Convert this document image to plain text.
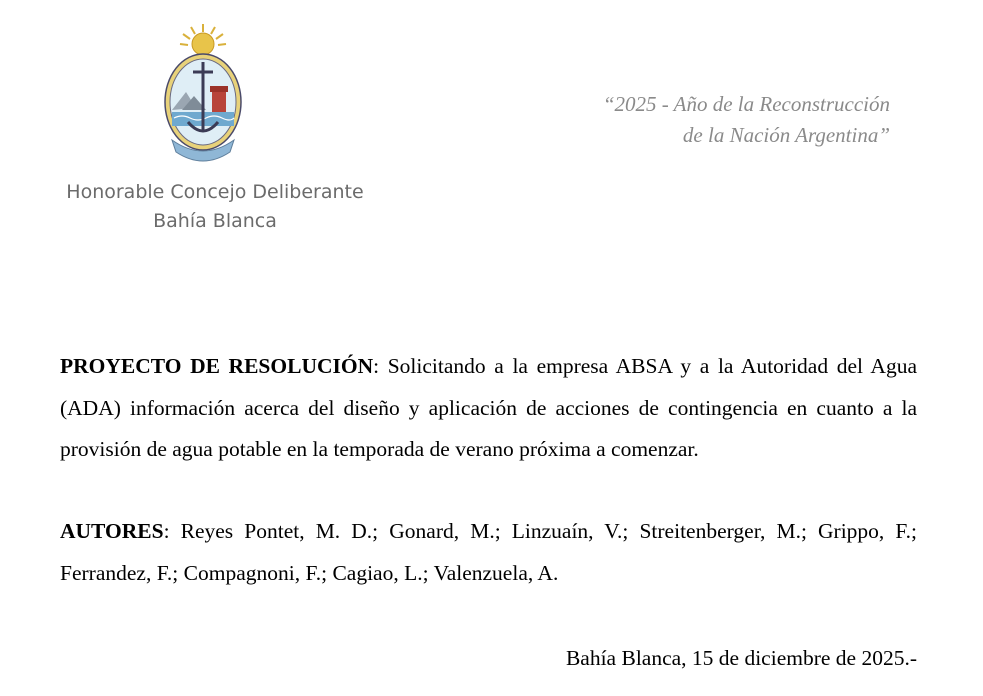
Honorable Concejo Deliberante
Bahía Blanca
“2025 - Año de la Reconstrucción
de la Nación Argentina”

PROYECTO DE RESOLUCIÓN: Solicitando a la empresa ABSA y a la Autoridad del Agua (ADA) información acerca del diseño y aplicación de acciones de contingencia en cuanto a la provisión de agua potable en la temporada de verano próxima a comenzar.

AUTORES: Reyes Pontet, M. D.; Gonard, M.; Linzuaín, V.; Streitenberger, M.; Grippo, F.; Ferrandez, F.; Compagnoni, F.; Cagiao, L.; Valenzuela, A.

Bahía Blanca, 15 de diciembre de 2025.-
